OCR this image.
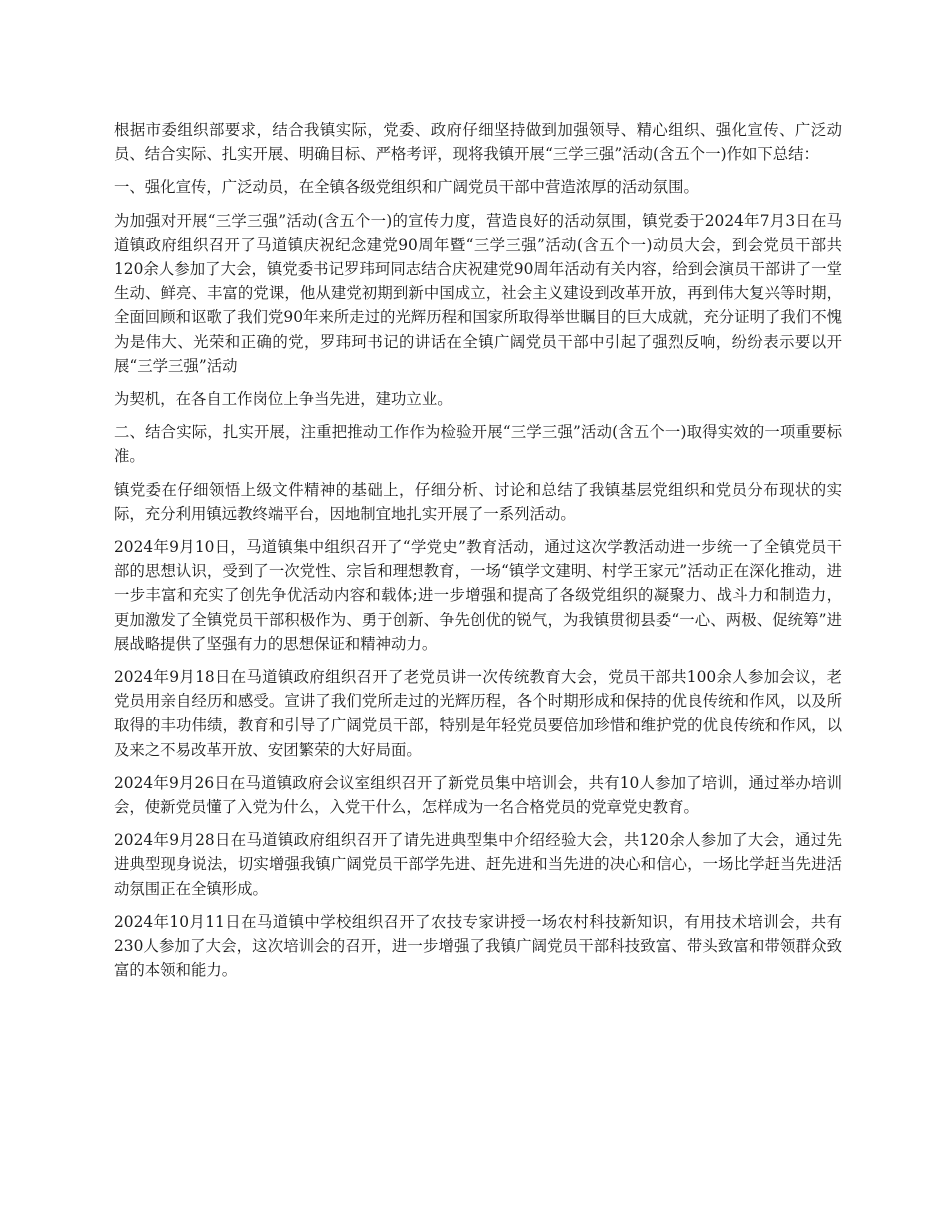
根据市委组织部要求，结合我镇实际，党委、政府仔细坚持做到加强领导、精心组织、强化宣传、广泛动员、结合实际、扎实开展、明确目标、严格考评，现将我镇开展“三学三强”活动(含五个一)作如下总结：

一、强化宣传，广泛动员，在全镇各级党组织和广阔党员干部中营造浓厚的活动氛围。

为加强对开展“三学三强”活动(含五个一)的宣传力度，营造良好的活动氛围，镇党委于2024年7月3日在马道镇政府组织召开了马道镇庆祝纪念建党90周年暨“三学三强”活动(含五个一)动员大会，到会党员干部共120余人参加了大会，镇党委书记罗玮珂同志结合庆祝建党90周年活动有关内容，给到会演员干部讲了一堂生动、鲜亮、丰富的党课，他从建党初期到新中国成立，社会主义建设到改革开放，再到伟大复兴等时期，全面回顾和讴歌了我们党90年来所走过的光辉历程和国家所取得举世瞩目的巨大成就，充分证明了我们不愧为是伟大、光荣和正确的党，罗玮珂书记的讲话在全镇广阔党员干部中引起了强烈反响，纷纷表示要以开展“三学三强”活动

为契机，在各自工作岗位上争当先进，建功立业。

二、结合实际，扎实开展，注重把推动工作作为检验开展“三学三强”活动(含五个一)取得实效的一项重要标准。

镇党委在仔细领悟上级文件精神的基础上，仔细分析、讨论和总结了我镇基层党组织和党员分布现状的实际，充分利用镇远教终端平台，因地制宜地扎实开展了一系列活动。

2024年9月10日，马道镇集中组织召开了“学党史”教育活动，通过这次学教活动进一步统一了全镇党员干部的思想认识，受到了一次党性、宗旨和理想教育，一场“镇学文建明、村学王家元”活动正在深化推动，进一步丰富和充实了创先争优活动内容和载体;进一步增强和提高了各级党组织的凝聚力、战斗力和制造力，更加激发了全镇党员干部积极作为、勇于创新、争先创优的锐气，为我镇贯彻县委“一心、两极、促统筹”进展战略提供了坚强有力的思想保证和精神动力。

2024年9月18日在马道镇政府组织召开了老党员讲一次传统教育大会，党员干部共100余人参加会议，老党员用亲自经历和感受。宣讲了我们党所走过的光辉历程，各个时期形成和保持的优良传统和作风，以及所取得的丰功伟绩，教育和引导了广阔党员干部，特别是年轻党员要倍加珍惜和维护党的优良传统和作风，以及来之不易改革开放、安团繁荣的大好局面。

2024年9月26日在马道镇政府会议室组织召开了新党员集中培训会，共有10人参加了培训，通过举办培训会，使新党员懂了入党为什么，入党干什么，怎样成为一名合格党员的党章党史教育。

2024年9月28日在马道镇政府组织召开了请先进典型集中介绍经验大会，共120余人参加了大会，通过先进典型现身说法，切实增强我镇广阔党员干部学先进、赶先进和当先进的决心和信心，一场比学赶当先进活动氛围正在全镇形成。

2024年10月11日在马道镇中学校组织召开了农技专家讲授一场农村科技新知识，有用技术培训会，共有230人参加了大会，这次培训会的召开，进一步增强了我镇广阔党员干部科技致富、带头致富和带领群众致富的本领和能力。
